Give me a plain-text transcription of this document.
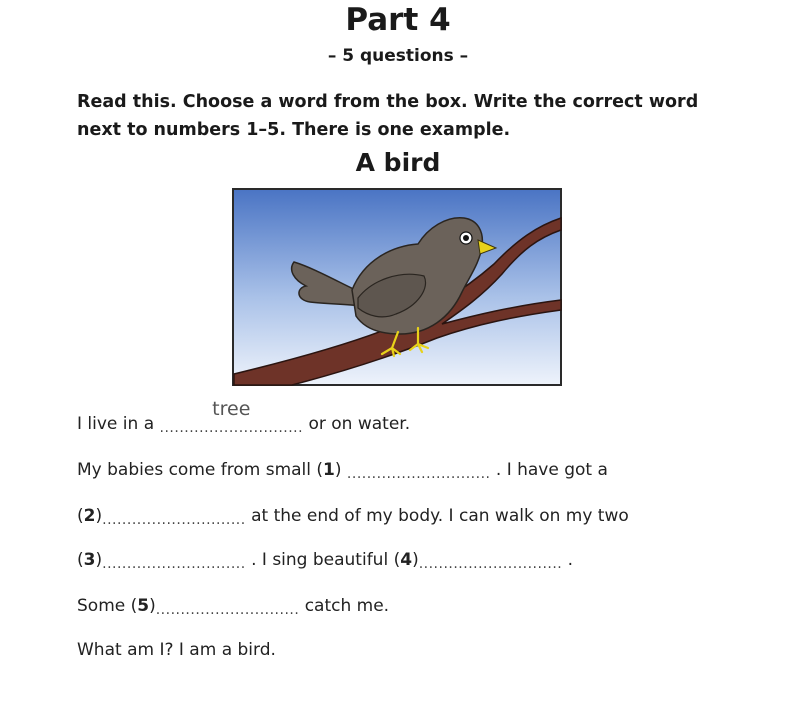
Part 4
– 5 questions –
Read this. Choose a word from the box. Write the correct word
next to numbers 1–5. There is one example.
A bird
I live in a .............................
tree
or on water.
My babies come from small (1) ............................. . I have got a
(2)............................. at the end of my body. I can walk on my two
(3)............................. . I sing beautiful (4)............................. .
Some (5)............................. catch me.
What am I? I am a bird.
